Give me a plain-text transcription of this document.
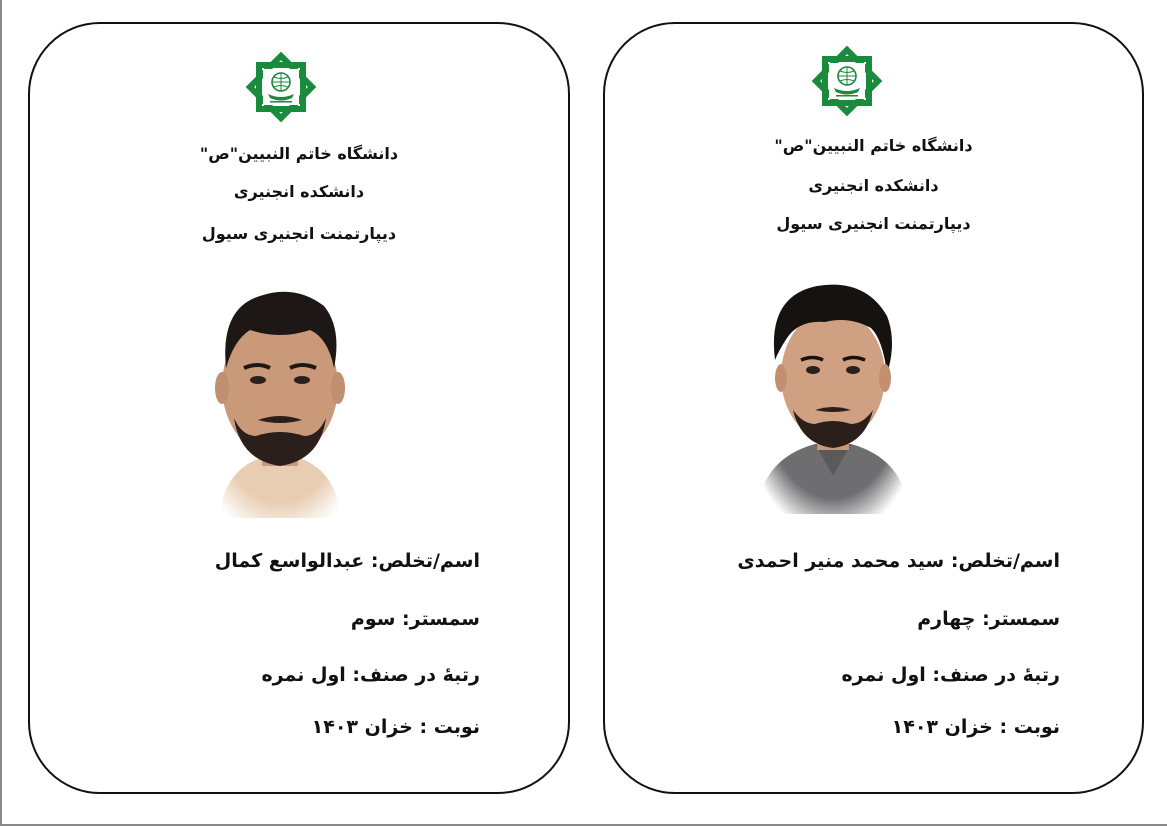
دانشگاه خاتم النبیین"ص"
دانشکده انجنیری
دیپارتمنت انجنیری سیول
اسم/تخلص: عبدالواسع کمال
سمستر: سوم
رتبهٔ در صنف: اول نمره
نوبت : خزان ۱۴۰۳
دانشگاه خاتم النبیین"ص"
دانشکده انجنیری
دیپارتمنت انجنیری سیول
اسم/تخلص: سید محمد منیر احمدی
سمستر: چهارم
رتبهٔ در صنف: اول نمره
نوبت : خزان ۱۴۰۳
